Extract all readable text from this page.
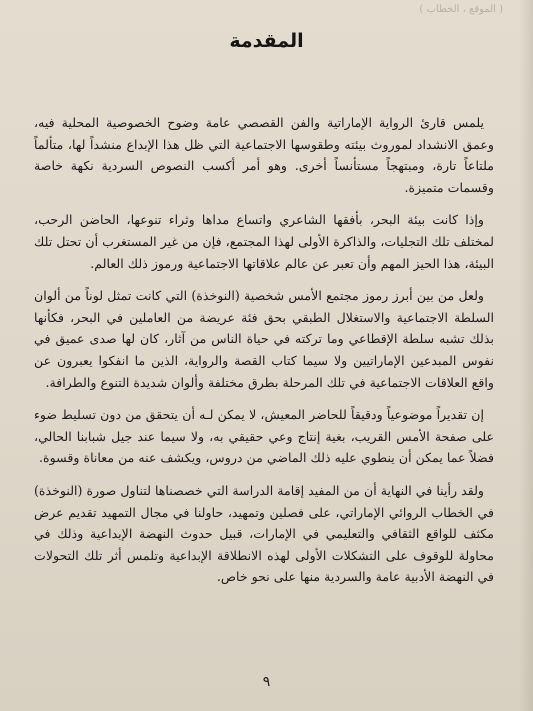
( الموقع ، الخطاب )
المقدمة

يلمس قارئ الرواية الإماراتية والفن القصصي عامة وضوح الخصوصية المحلية فيه، وعمق الانشداد لموروث بيئته وطقوسها الاجتماعية التي ظل هذا الإبداع منشداً لها، متألماً ملتاعاً تارة، ومبتهجاً مستأنساً أخرى. وهو أمر أكسب النصوص السردية نكهة خاصة وقسمات متميزة.

وإذا كانت بيئة البحر، بأفقها الشاعري واتساع مداها وثراء تنوعها، الحاضن الرحب، لمختلف تلك التجليات، والذاكرة الأولى لهذا المجتمع، فإن من غير المستغرب أن تحتل تلك البيئة، هذا الحيز المهم وأن تعبر عن عالم علاقاتها الاجتماعية ورموز ذلك العالم.

ولعل من بين أبرز رموز مجتمع الأمس شخصية (النوخذة) التي كانت تمثل لوناً من ألوان السلطة الاجتماعية والاستغلال الطبقي بحق فئة عريضة من العاملين في البحر، فكأنها بذلك تشبه سلطة الإقطاعي وما تركته في حياة الناس من آثار، كان لها صدى عميق في نفوس المبدعين الإماراتيين ولا سيما كتاب القصة والرواية، الذين ما انفكوا يعبرون عن واقع العلاقات الاجتماعية في تلك المرحلة بطرق مختلفة وألوان شديدة التنوع والطرافة.

إن تقديراً موضوعياً ودقيقاً للحاضر المعيش، لا يمكن لـه أن يتحقق من دون تسليط ضوء على صفحة الأمس القريب، بغية إنتاج وعي حقيقي به، ولا سيما عند جيل شبابنا الحالي، فضلاً عما يمكن أن ينطوي عليه ذلك الماضي من دروس، ويكشف عنه من معاناة وقسوة.

ولقد رأينا في النهاية أن من المفيد إقامة الدراسة التي خصصناها لتناول صورة (النوخذة) في الخطاب الروائي الإماراتي، على فصلين وتمهيد، حاولنا في مجال التمهيد تقديم عرض مكثف للواقع الثقافي والتعليمي في الإمارات، قبيل حدوث النهضة الإبداعية وذلك في محاولة للوقوف على التشكلات الأولى لهذه الانطلاقة الإبداعية وتلمس أثر تلك التحولات في النهضة الأدبية عامة والسردية منها على نحو خاص.

٩
